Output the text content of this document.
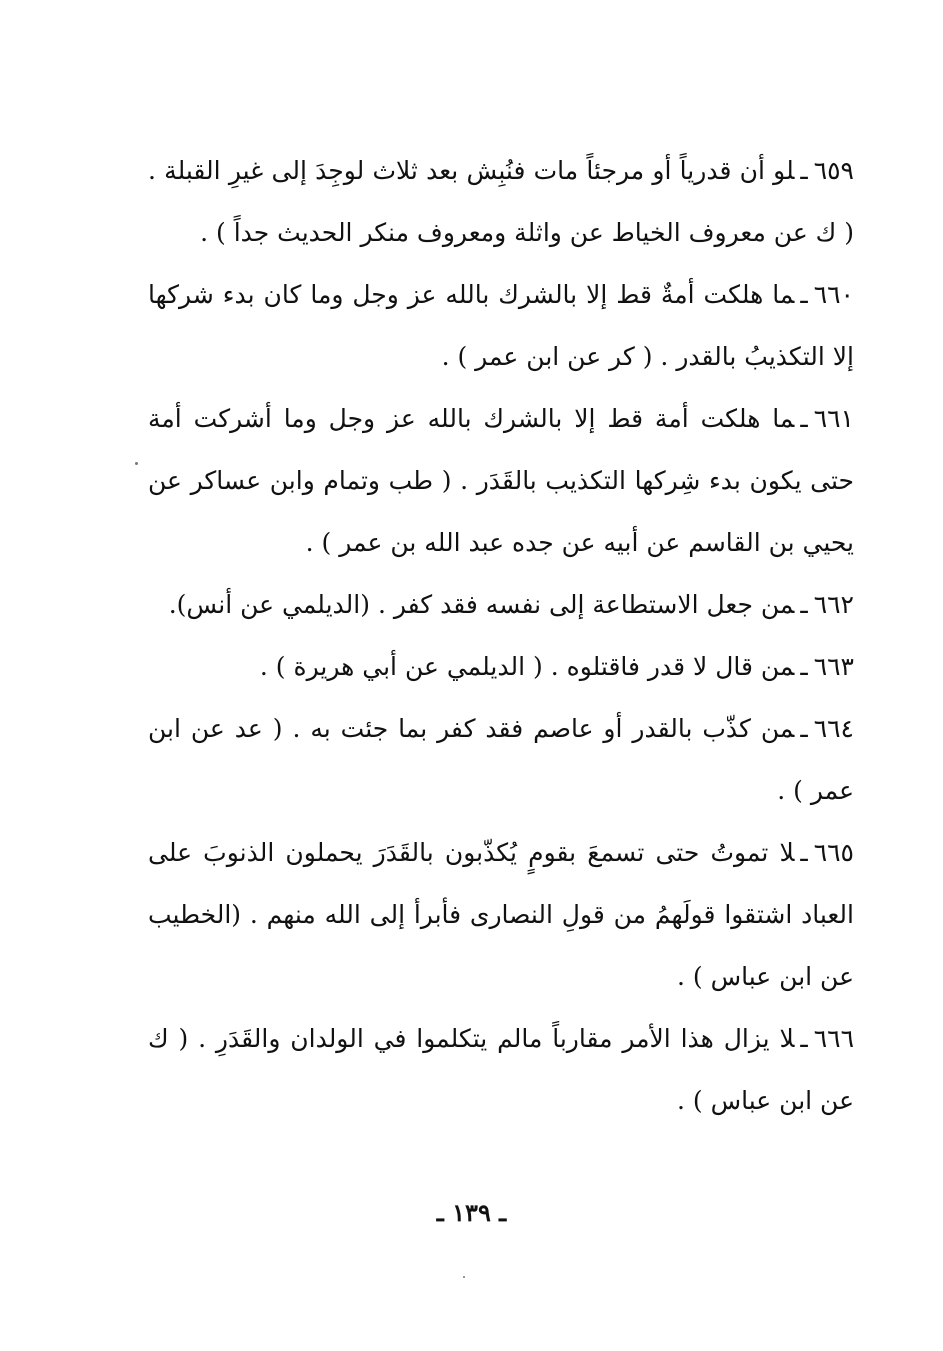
٦٥٩ـلو أن قدرياً أو مرجئاً مات فنُبِش بعد ثلاث لوجِدَ إلى غيرِ القبلة . ( ك عن معروف الخياط عن واثلة ومعروف منكر الحديث جداً ) .

٦٦٠ـما هلكت أمةٌ قط إلا بالشرك بالله عز وجل وما كان بدء شركها إلا التكذيبُ بالقدر . ( كر عن ابن عمر ) .

٦٦١ـما هلكت أمة قط إلا بالشرك بالله عز وجل وما أشركت أمة حتى يكون بدء شِركها التكذيب بالقَدَر . ( طب وتمام وابن عساكر عن يحيي بن القاسم عن أبيه عن جده عبد الله بن عمر ) .

٦٦٢ـمن جعل الاستطاعة إلى نفسه فقد كفر . (الديلمي عن أنس).

٦٦٣ـمن قال لا قدر فاقتلوه . ( الديلمي عن أبي هريرة ) .

٦٦٤ـمن كذّب بالقدر أو عاصم فقد كفر بما جئت به . ( عد عن ابن عمر ) .

٦٦٥ـلا تموتُ حتى تسمعَ بقومٍ يُكذّبون بالقَدَرَ يحملون الذنوبَ على العباد اشتقوا قولَهمُ من قولِ النصارى فأبرأ إلى الله منهم . (الخطيب عن ابن عباس ) .

٦٦٦ـلا يزال هذا الأمر مقارباً مالم يتكلموا في الولدان والقَدَرِ . ( ك عن ابن عباس ) .

ـ ١٣٩ ـ
